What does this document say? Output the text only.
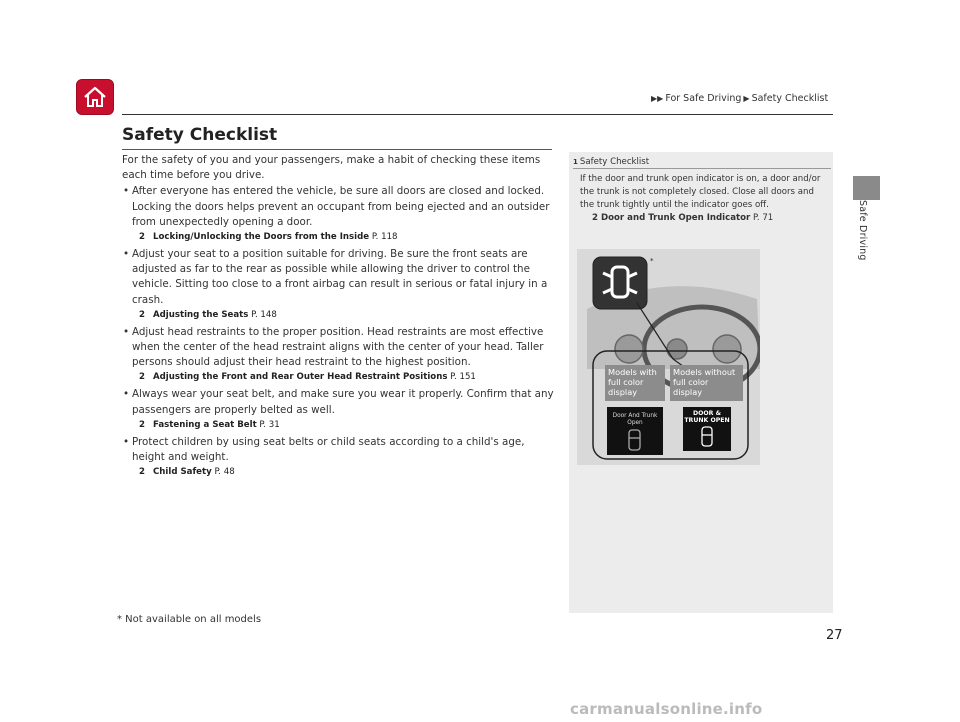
▶▶ For Safe Driving ▶ Safety Checklist
Safe Driving
Safety Checklist

For the safety of you and your passengers, make a habit of checking these items each time before you drive.

• After everyone has entered the vehicle, be sure all doors are closed and locked. Locking the doors helps prevent an occupant from being ejected and an outsider from unexpectedly opening a door.

2 Locking/Unlocking the Doors from the Inside P. 118

• Adjust your seat to a position suitable for driving. Be sure the front seats are adjusted as far to the rear as possible while allowing the driver to control the vehicle. Sitting too close to a front airbag can result in serious or fatal injury in a crash.

2 Adjusting the Seats P. 148

• Adjust head restraints to the proper position. Head restraints are most effective when the center of the head restraint aligns with the center of your head. Taller persons should adjust their head restraint to the highest position.

2 Adjusting the Front and Rear Outer Head Restraint Positions P. 151

• Always wear your seat belt, and make sure you wear it properly. Confirm that any passengers are properly belted as well.

2 Fastening a Seat Belt P. 31

• Protect children by using seat belts or child seats according to a child's age, height and weight.

2 Child Safety P. 48
1 Safety Checklist
If the door and trunk open indicator is on, a door and/or the trunk is not completely closed. Close all doors and the trunk tightly until the indicator goes off.
2 Door and Trunk Open Indicator P. 71
*
Models with
full color
display
Models without
full color
display
Door And Trunk
Open
DOOR &
TRUNK OPEN
* Not available on all models
27
carmanualsonline.info
